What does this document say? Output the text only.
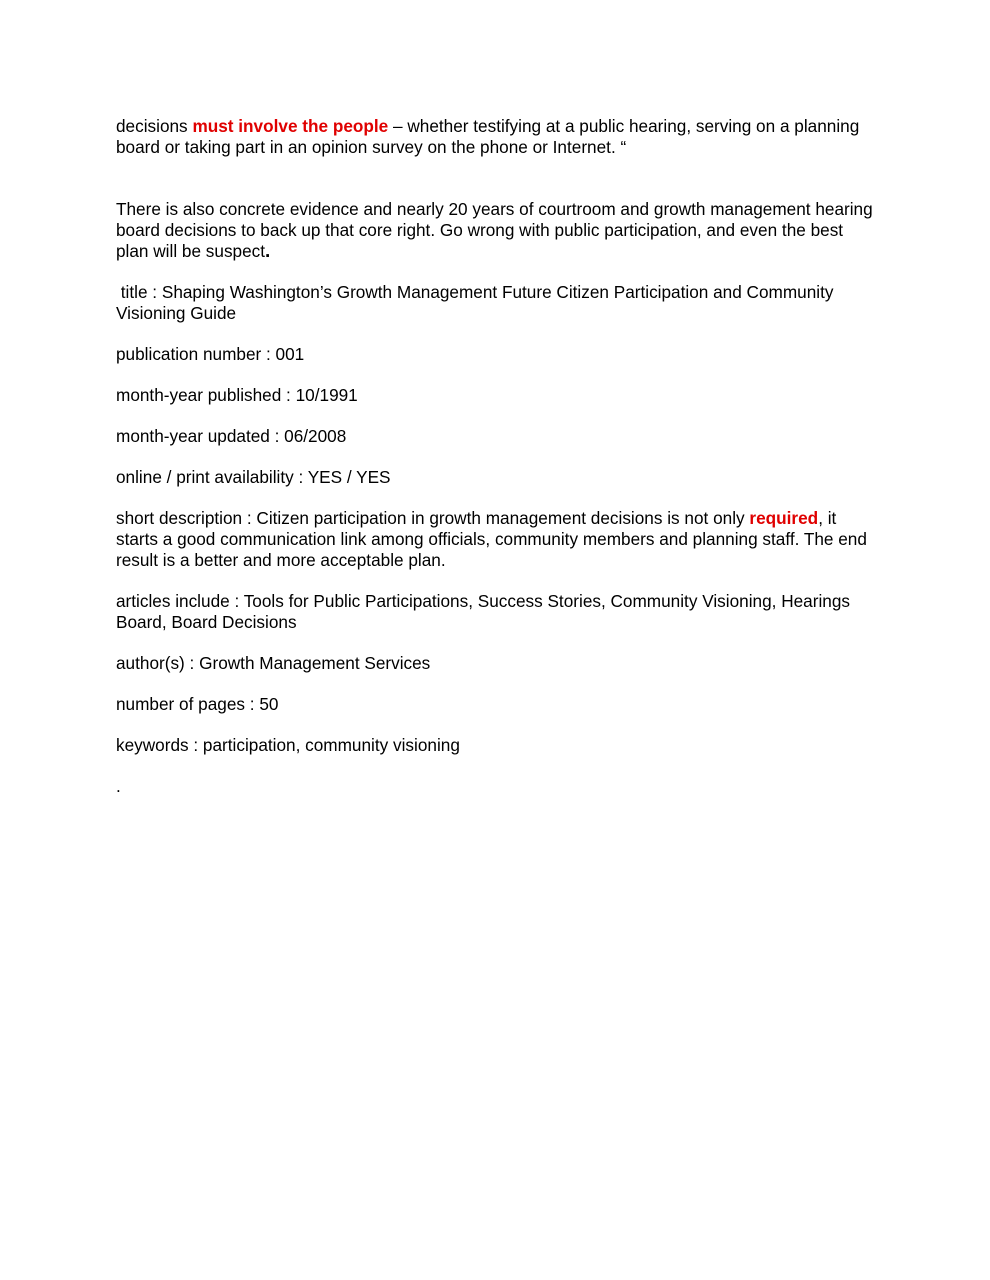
decisions must involve the people – whether testifying at a public hearing, serving on a planning board or taking part in an opinion survey on the phone or Internet. “

There is also concrete evidence and nearly 20 years of courtroom and growth management hearing board decisions to back up that core right. Go wrong with public participation, and even the best plan will be suspect.

title : Shaping Washington’s Growth Management Future Citizen Participation and Community Visioning Guide

publication number : 001

month-year published : 10/1991

month-year updated : 06/2008

online / print availability : YES / YES

short description : Citizen participation in growth management decisions is not only required, it starts a good communication link among officials, community members and planning staff. The end result is a better and more acceptable plan.

articles include : Tools for Public Participations, Success Stories, Community Visioning, Hearings Board, Board Decisions

author(s) : Growth Management Services

number of pages : 50

keywords : participation, community visioning

.
